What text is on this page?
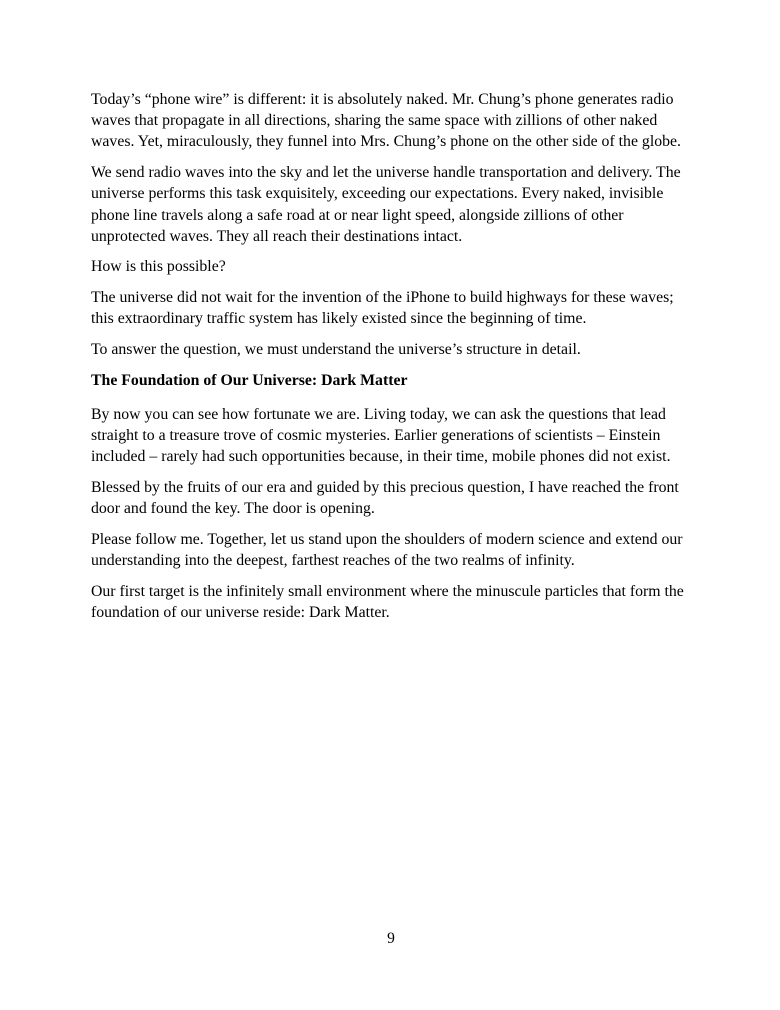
Today’s “phone wire” is different: it is absolutely naked. Mr. Chung’s phone generates radio waves that propagate in all directions, sharing the same space with zillions of other naked waves. Yet, miraculously, they funnel into Mrs. Chung’s phone on the other side of the globe.

We send radio waves into the sky and let the universe handle transportation and delivery. The universe performs this task exquisitely, exceeding our expectations. Every naked, invisible phone line travels along a safe road at or near light speed, alongside zillions of other unprotected waves. They all reach their destinations intact.

How is this possible?

The universe did not wait for the invention of the iPhone to build highways for these waves; this extraordinary traffic system has likely existed since the beginning of time.

To answer the question, we must understand the universe’s structure in detail.

The Foundation of Our Universe: Dark Matter

By now you can see how fortunate we are. Living today, we can ask the questions that lead straight to a treasure trove of cosmic mysteries. Earlier generations of scientists – Einstein included – rarely had such opportunities because, in their time, mobile phones did not exist.

Blessed by the fruits of our era and guided by this precious question, I have reached the front door and found the key. The door is opening.

Please follow me. Together, let us stand upon the shoulders of modern science and extend our understanding into the deepest, farthest reaches of the two realms of infinity.

Our first target is the infinitely small environment where the minuscule particles that form the foundation of our universe reside: Dark Matter.

9
